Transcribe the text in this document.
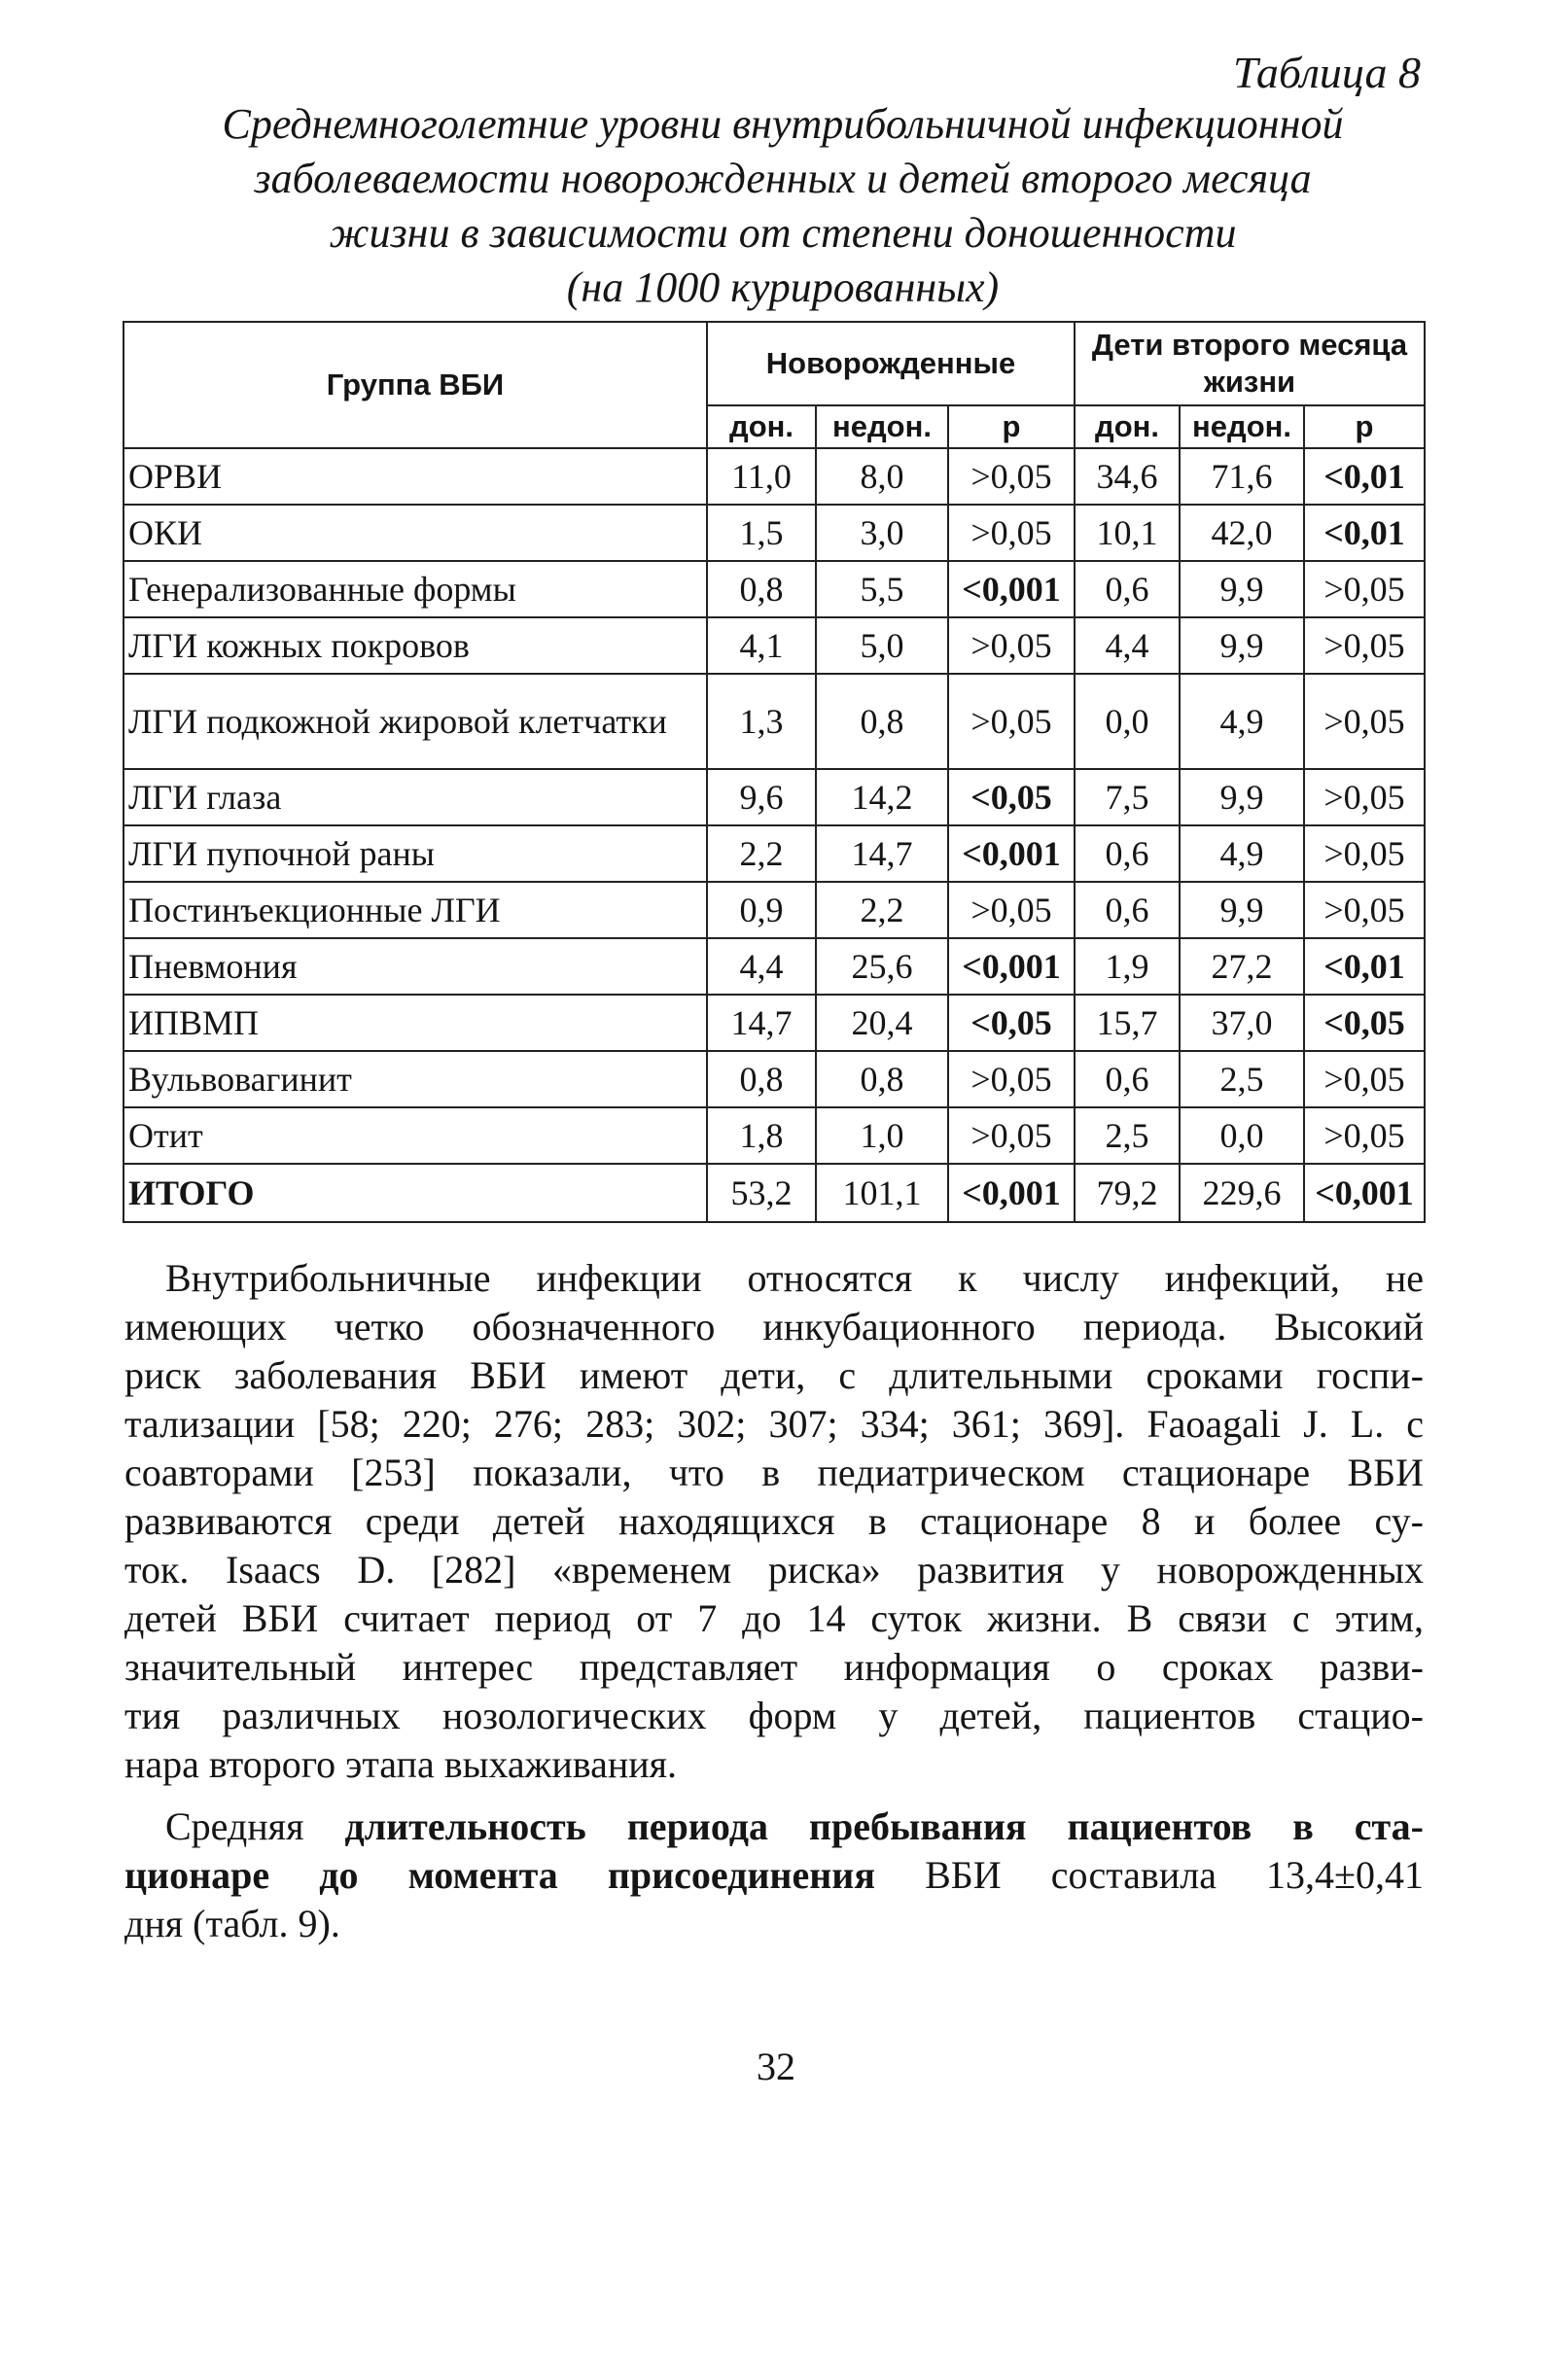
Таблица 8
Среднемноголетние уровни внутрибольничной инфекционной
заболеваемости новорожденных и детей второго месяца
жизни в зависимости от степени доношенности
(на 1000 курированных)
Группа ВБИ	Новорожденные			Дети второго месяца жизни		
	дон.	недон.	p	дон.	недон.	p
ОРВИ	11,0	8,0	>0,05	34,6	71,6	<0,01
ОКИ	1,5	3,0	>0,05	10,1	42,0	<0,01
Генерализованные формы	0,8	5,5	<0,001	0,6	9,9	>0,05
ЛГИ кожных покровов	4,1	5,0	>0,05	4,4	9,9	>0,05
ЛГИ подкожной жировой клетчатки	1,3	0,8	>0,05	0,0	4,9	>0,05
ЛГИ глаза	9,6	14,2	<0,05	7,5	9,9	>0,05
ЛГИ пупочной раны	2,2	14,7	<0,001	0,6	4,9	>0,05
Постинъекционные ЛГИ	0,9	2,2	>0,05	0,6	9,9	>0,05
Пневмония	4,4	25,6	<0,001	1,9	27,2	<0,01
ИПВМП	14,7	20,4	<0,05	15,7	37,0	<0,05
Вульвовагинит	0,8	0,8	>0,05	0,6	2,5	>0,05
Отит	1,8	1,0	>0,05	2,5	0,0	>0,05
ИТОГО	53,2	101,1	<0,001	79,2	229,6	<0,001
Внутрибольничные инфекции относятся к числу инфекций, не
имеющих четко обозначенного инкубационного периода. Высокий
риск заболевания ВБИ имеют дети, с длительными сроками госпи-
тализации [58; 220; 276; 283; 302; 307; 334; 361; 369]. Faoagali J. L. с
соавторами [253] показали, что в педиатрическом стационаре ВБИ
развиваются среди детей находящихся в стационаре 8 и более су-
ток. Isaacs D. [282] «временем риска» развития у новорожденных
детей ВБИ считает период от 7 до 14 суток жизни. В связи с этим,
значительный интерес представляет информация о сроках разви-
тия различных нозологических форм у детей, пациентов стацио-
нара второго этапа выхаживания.
Средняя длительность периода пребывания пациентов в ста-
ционаре до момента присоединения ВБИ составила 13,4±0,41
дня (табл. 9).
32
